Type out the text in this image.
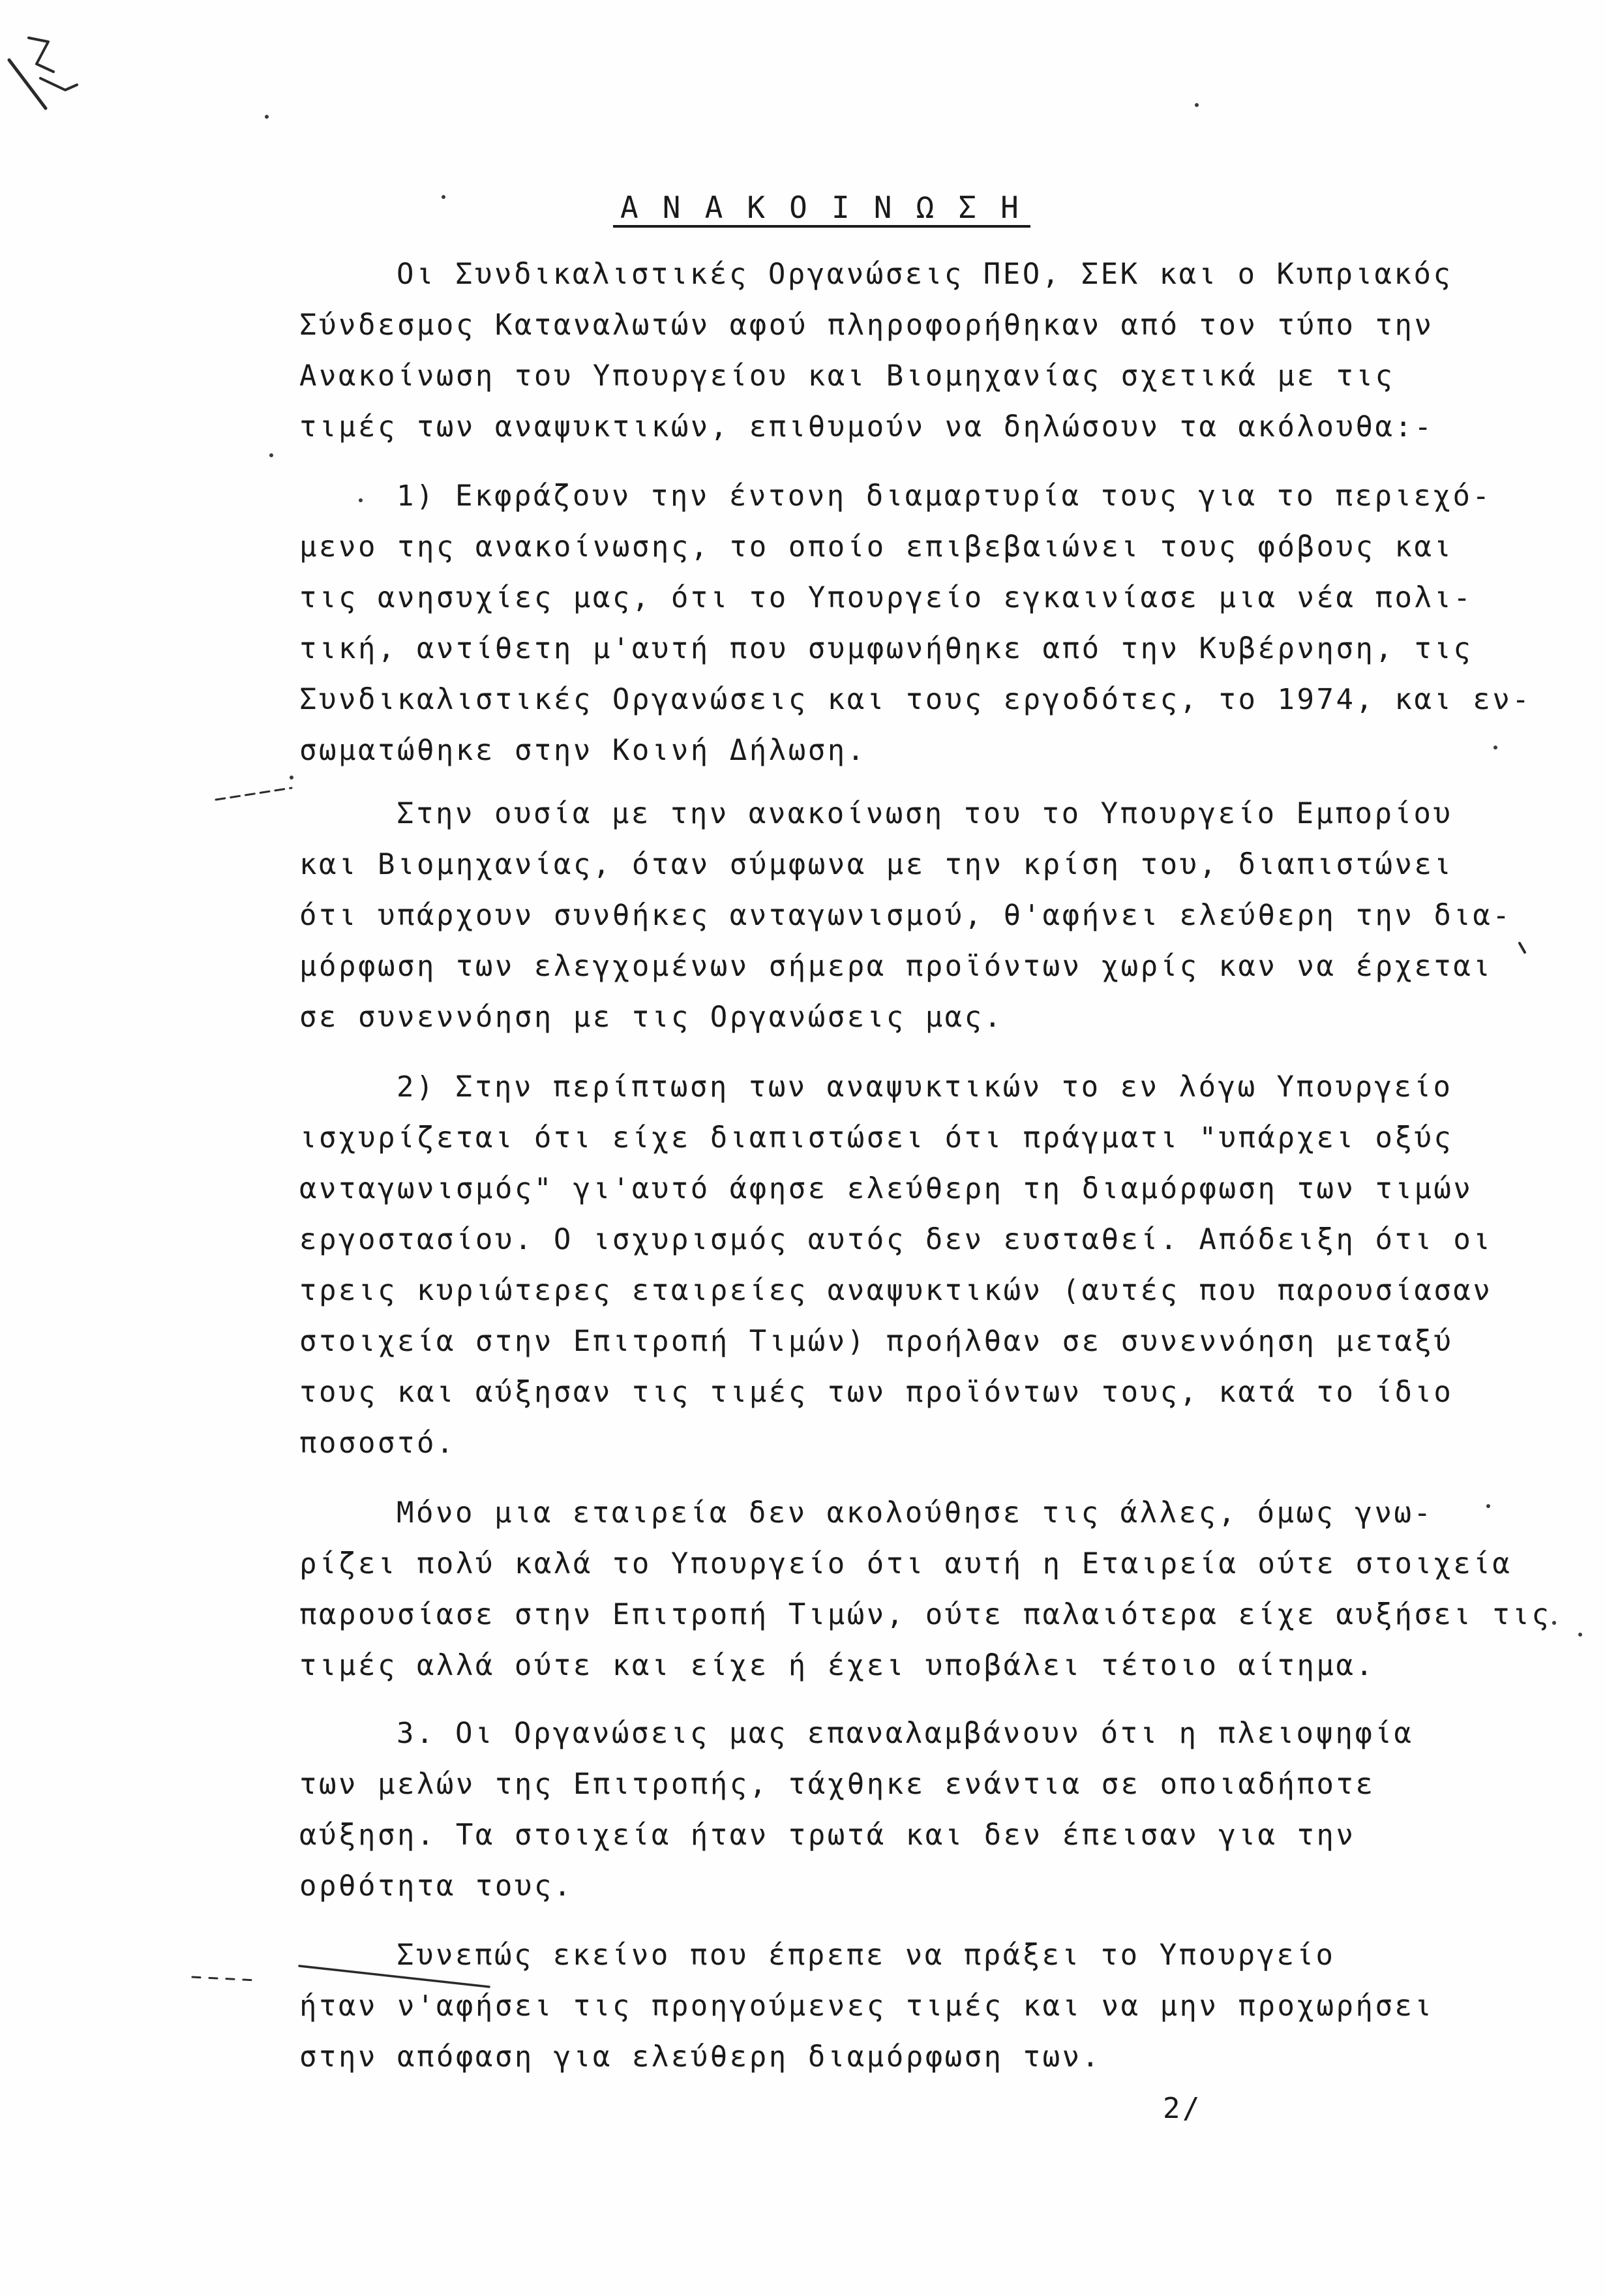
Α Ν Α Κ Ο Ι Ν Ω Σ Η
Οι Συνδικαλιστικές Οργανώσεις ΠΕΟ, ΣΕΚ και ο Κυπριακός
Σύνδεσμος Καταναλωτών αφού πληροφορήθηκαν από τον τύπο την
Ανακοίνωση του Υπουργείου και Βιομηχανίας σχετικά με τις
τιμές των αναψυκτικών, επιθυμούν να δηλώσουν τα ακόλουθα:-
1) Εκφράζουν την έντονη διαμαρτυρία τους για το περιεχό-
μενο της ανακοίνωσης, το οποίο επιβεβαιώνει τους φόβους και
τις ανησυχίες μας, ότι το Υπουργείο εγκαινίασε μια νέα πολι-
τική, αντίθετη μ'αυτή που συμφωνήθηκε από την Κυβέρνηση, τις
Συνδικαλιστικές Οργανώσεις και τους εργοδότες, το 1974, και εν-
σωματώθηκε στην Κοινή Δήλωση.
Στην ουσία με την ανακοίνωση του το Υπουργείο Εμπορίου
και Βιομηχανίας, όταν σύμφωνα με την κρίση του, διαπιστώνει
ότι υπάρχουν συνθήκες ανταγωνισμού, θ'αφήνει ελεύθερη την δια-
μόρφωση των ελεγχομένων σήμερα προϊόντων χωρίς καν να έρχεται
σε συνεννόηση με τις Οργανώσεις μας.
2) Στην περίπτωση των αναψυκτικών το εν λόγω Υπουργείο
ισχυρίζεται ότι είχε διαπιστώσει ότι πράγματι "υπάρχει οξύς
ανταγωνισμός" γι'αυτό άφησε ελεύθερη τη διαμόρφωση των τιμών
εργοστασίου. Ο ισχυρισμός αυτός δεν ευσταθεί. Απόδειξη ότι οι
τρεις κυριώτερες εταιρείες αναψυκτικών (αυτές που παρουσίασαν
στοιχεία στην Επιτροπή Τιμών) προήλθαν σε συνεννόηση μεταξύ
τους και αύξησαν τις τιμές των προϊόντων τους, κατά το ίδιο
ποσοστό.
Μόνο μια εταιρεία δεν ακολούθησε τις άλλες, όμως γνω-
ρίζει πολύ καλά το Υπουργείο ότι αυτή η Εταιρεία ούτε στοιχεία
παρουσίασε στην Επιτροπή Τιμών, ούτε παλαιότερα είχε αυξήσει τις
τιμές αλλά ούτε και είχε ή έχει υποβάλει τέτοιο αίτημα.
3. Οι Οργανώσεις μας επαναλαμβάνουν ότι η πλειοψηφία
των μελών της Επιτροπής, τάχθηκε ενάντια σε οποιαδήποτε
αύξηση. Τα στοιχεία ήταν τρωτά και δεν έπεισαν για την
ορθότητα τους.
Συνεπώς εκείνο που έπρεπε να πράξει το Υπουργείο
ήταν ν'αφήσει τις προηγούμενες τιμές και να μην προχωρήσει
στην απόφαση για ελεύθερη διαμόρφωση των.
2/
